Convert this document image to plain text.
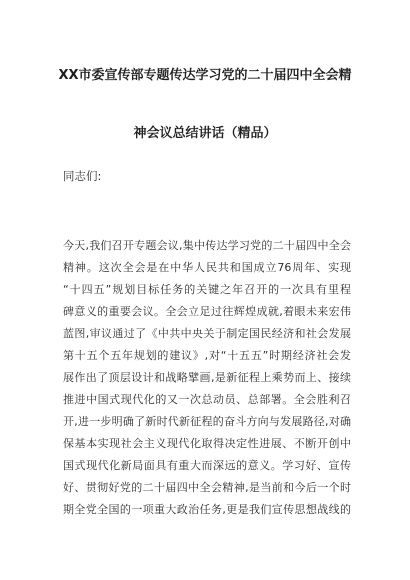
XX市委宣传部专题传达学习党的二十届四中全会精
神会议总结讲话（精品）
同志们:
今天,我们召开专题会议,集中传达学习党的二十届四中全会
精神。这次全会是在中华人民共和国成立76周年、实现
“十四五”规划目标任务的关键之年召开的一次具有里程
碑意义的重要会议。全会立足过往辉煌成就,着眼未来宏伟
蓝图,审议通过了《中共中央关于制定国民经济和社会发展
第十五个五年规划的建议》,对“十五五”时期经济社会发
展作出了顶层设计和战略擘画,是新征程上乘势而上、接续
推进中国式现代化的又一次总动员、总部署。全会胜利召
开,进一步明确了新时代新征程的奋斗方向与发展路径,对确
保基本实现社会主义现代化取得决定性进展、不断开创中
国式现代化新局面具有重大而深远的意义。学习好、宣传
好、贯彻好党的二十届四中全会精神,是当前和今后一个时
期全党全国的一项重大政治任务,更是我们宣传思想战线的
